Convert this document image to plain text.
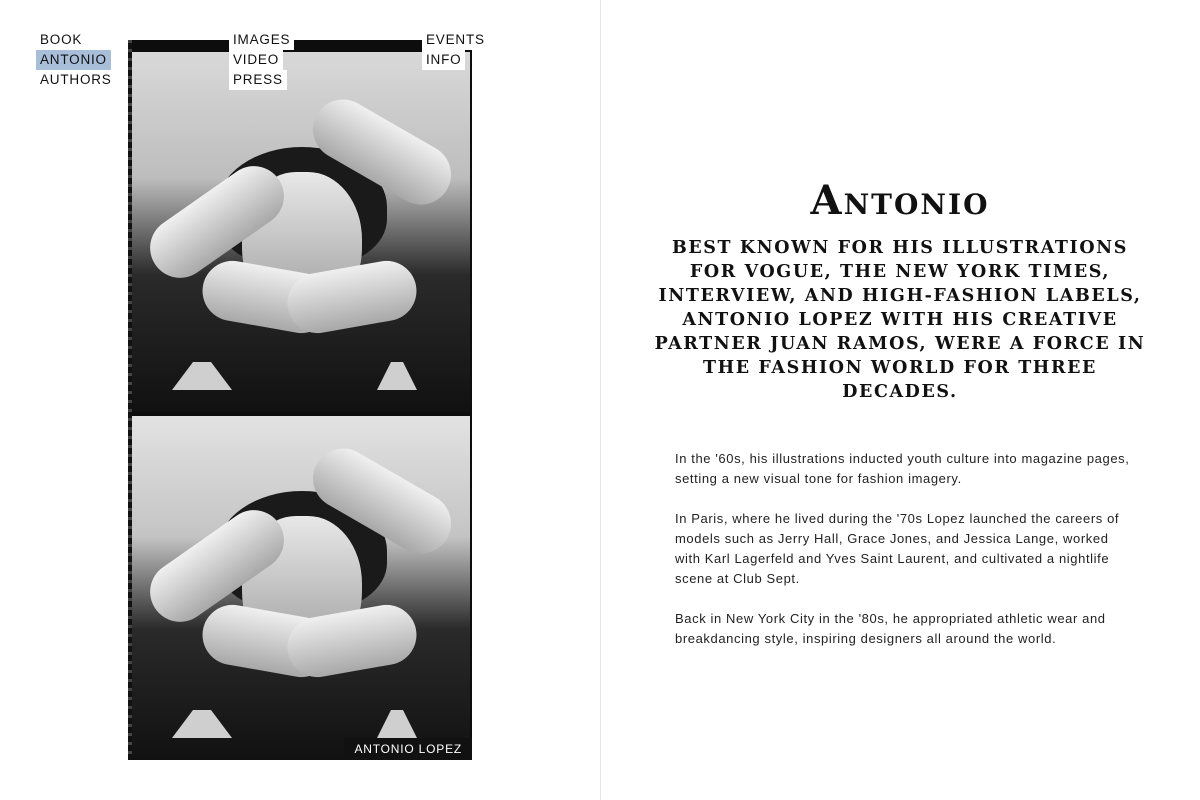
ANTONIO LOPEZ
BOOK
ANTONIO
AUTHORS
IMAGES
VIDEO
PRESS
EVENTS
INFO
Antonio

BEST KNOWN FOR HIS ILLUSTRATIONS FOR VOGUE, THE NEW YORK TIMES, INTERVIEW, AND HIGH-FASHION LABELS, ANTONIO LOPEZ WITH HIS CREATIVE PARTNER JUAN RAMOS, WERE A FORCE IN THE FASHION WORLD FOR THREE DECADES.

In the '60s, his illustrations inducted youth culture into magazine pages, setting a new visual tone for fashion imagery.

In Paris, where he lived during the '70s Lopez launched the careers of models such as Jerry Hall, Grace Jones, and Jessica Lange, worked with Karl Lagerfeld and Yves Saint Laurent, and cultivated a nightlife scene at Club Sept.

Back in New York City in the '80s, he appropriated athletic wear and breakdancing style, inspiring designers all around the world.
